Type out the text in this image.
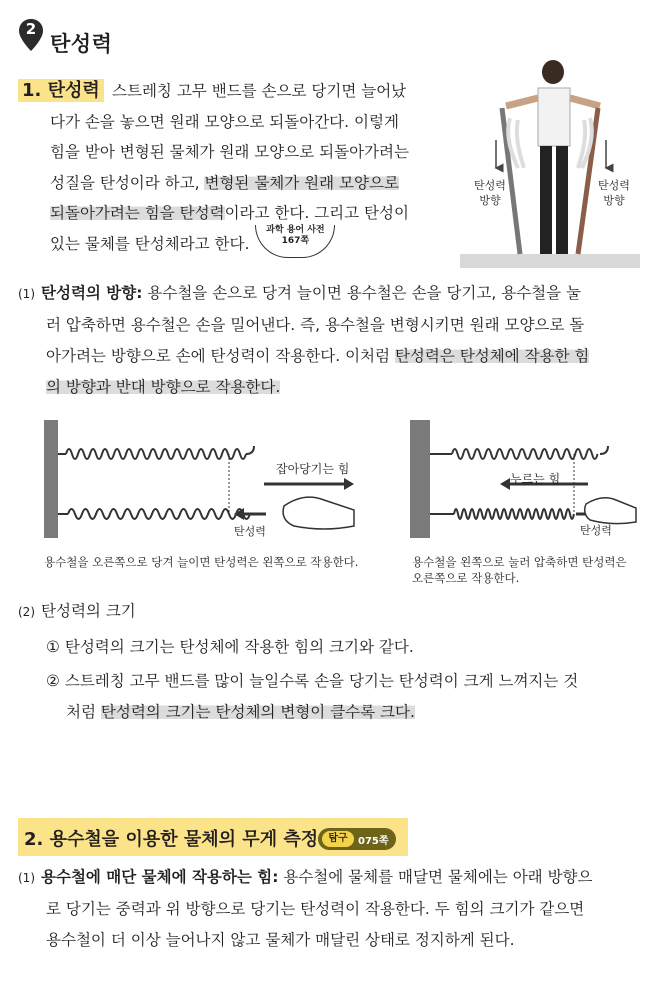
2
탄성력
1. 탄성력 스트레칭 고무 밴드를 손으로 당기면 늘어났
다가 손을 놓으면 원래 모양으로 되돌아간다. 이렇게
힘을 받아 변형된 물체가 원래 모양으로 되돌아가려는
성질을 탄성이라 하고, 변형된 물체가 원래 모양으로
되돌아가려는 힘을 탄성력이라고 한다. 그리고 탄성이
있는 물체를 탄성체라고 한다.과학 용어 사전
167쪽
탄성력
방향
탄성력
방향
(1) 탄성력의 방향: 용수철을 손으로 당겨 늘이면 용수철은 손을 당기고, 용수철을 눌
러 압축하면 용수철은 손을 밀어낸다. 즉, 용수철을 변형시키면 원래 모양으로 돌
아가려는 방향으로 손에 탄성력이 작용한다. 이처럼 탄성력은 탄성체에 작용한 힘
의 방향과 반대 방향으로 작용한다.
잡아당기는 힘
탄성력
용수철을 오른쪽으로 당겨 늘이면 탄성력은 왼쪽으로 작용한다.
누르는 힘
탄성력
용수철을 왼쪽으로 눌러 압축하면 탄성력은 오른쪽으로 작용한다.
(2) 탄성력의 크기
① 탄성력의 크기는 탄성체에 작용한 힘의 크기와 같다.
② 스트레칭 고무 밴드를 많이 늘일수록 손을 당기는 탄성력이 크게 느껴지는 것
처럼 탄성력의 크기는 탄성체의 변형이 클수록 크다.
2. 용수철을 이용한 물체의 무게 측정	탐구	075쪽
(1) 용수철에 매단 물체에 작용하는 힘: 용수철에 물체를 매달면 물체에는 아래 방향으
로 당기는 중력과 위 방향으로 당기는 탄성력이 작용한다. 두 힘의 크기가 같으면
용수철이 더 이상 늘어나지 않고 물체가 매달린 상태로 정지하게 된다.
